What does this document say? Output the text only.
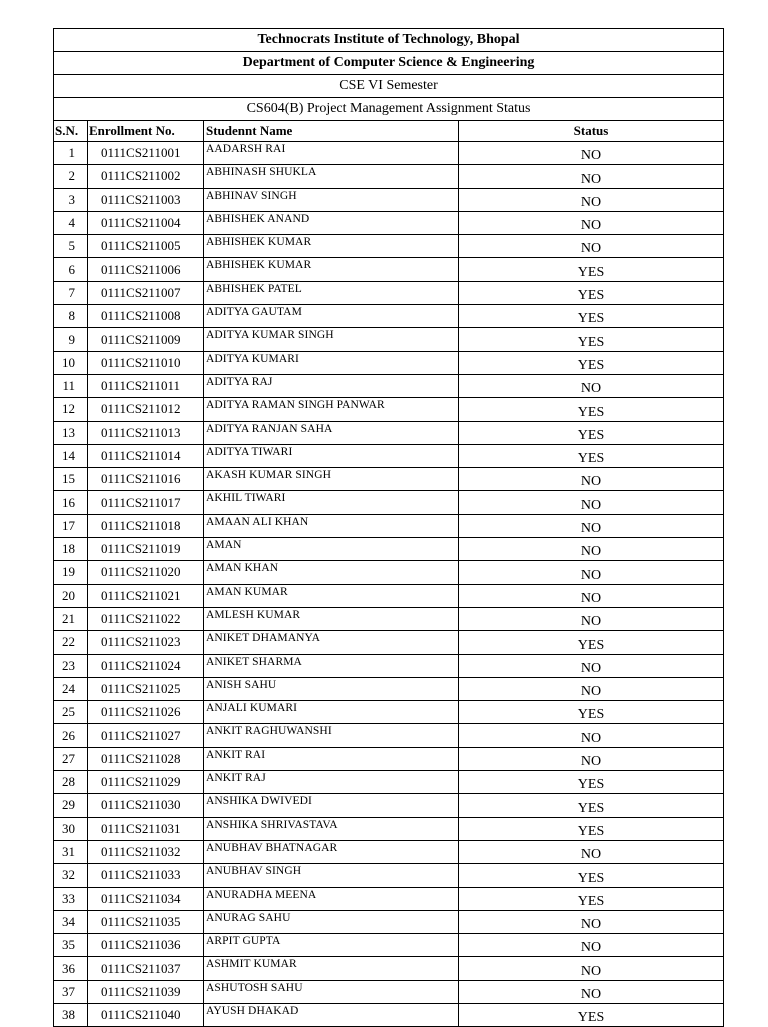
Technocrats Institute of Technology, Bhopal			
Department of Computer Science & Engineering			
CSE VI Semester			
CS604(B) Project Management Assignment Status			
S.N.	Enrollment No.	Studennt Name	Status
1	0111CS211001	AADARSH RAI	NO
2	0111CS211002	ABHINASH SHUKLA	NO
3	0111CS211003	ABHINAV SINGH	NO
4	0111CS211004	ABHISHEK ANAND	NO
5	0111CS211005	ABHISHEK KUMAR	NO
6	0111CS211006	ABHISHEK KUMAR	YES
7	0111CS211007	ABHISHEK PATEL	YES
8	0111CS211008	ADITYA GAUTAM	YES
9	0111CS211009	ADITYA KUMAR SINGH	YES
10	0111CS211010	ADITYA KUMARI	YES
11	0111CS211011	ADITYA RAJ	NO
12	0111CS211012	ADITYA RAMAN SINGH PANWAR	YES
13	0111CS211013	ADITYA RANJAN SAHA	YES
14	0111CS211014	ADITYA TIWARI	YES
15	0111CS211016	AKASH KUMAR SINGH	NO
16	0111CS211017	AKHIL TIWARI	NO
17	0111CS211018	AMAAN ALI KHAN	NO
18	0111CS211019	AMAN	NO
19	0111CS211020	AMAN KHAN	NO
20	0111CS211021	AMAN KUMAR	NO
21	0111CS211022	AMLESH KUMAR	NO
22	0111CS211023	ANIKET DHAMANYA	YES
23	0111CS211024	ANIKET SHARMA	NO
24	0111CS211025	ANISH SAHU	NO
25	0111CS211026	ANJALI KUMARI	YES
26	0111CS211027	ANKIT RAGHUWANSHI	NO
27	0111CS211028	ANKIT RAI	NO
28	0111CS211029	ANKIT RAJ	YES
29	0111CS211030	ANSHIKA DWIVEDI	YES
30	0111CS211031	ANSHIKA SHRIVASTAVA	YES
31	0111CS211032	ANUBHAV BHATNAGAR	NO
32	0111CS211033	ANUBHAV SINGH	YES
33	0111CS211034	ANURADHA MEENA	YES
34	0111CS211035	ANURAG SAHU	NO
35	0111CS211036	ARPIT GUPTA	NO
36	0111CS211037	ASHMIT KUMAR	NO
37	0111CS211039	ASHUTOSH SAHU	NO
38	0111CS211040	AYUSH DHAKAD	YES
